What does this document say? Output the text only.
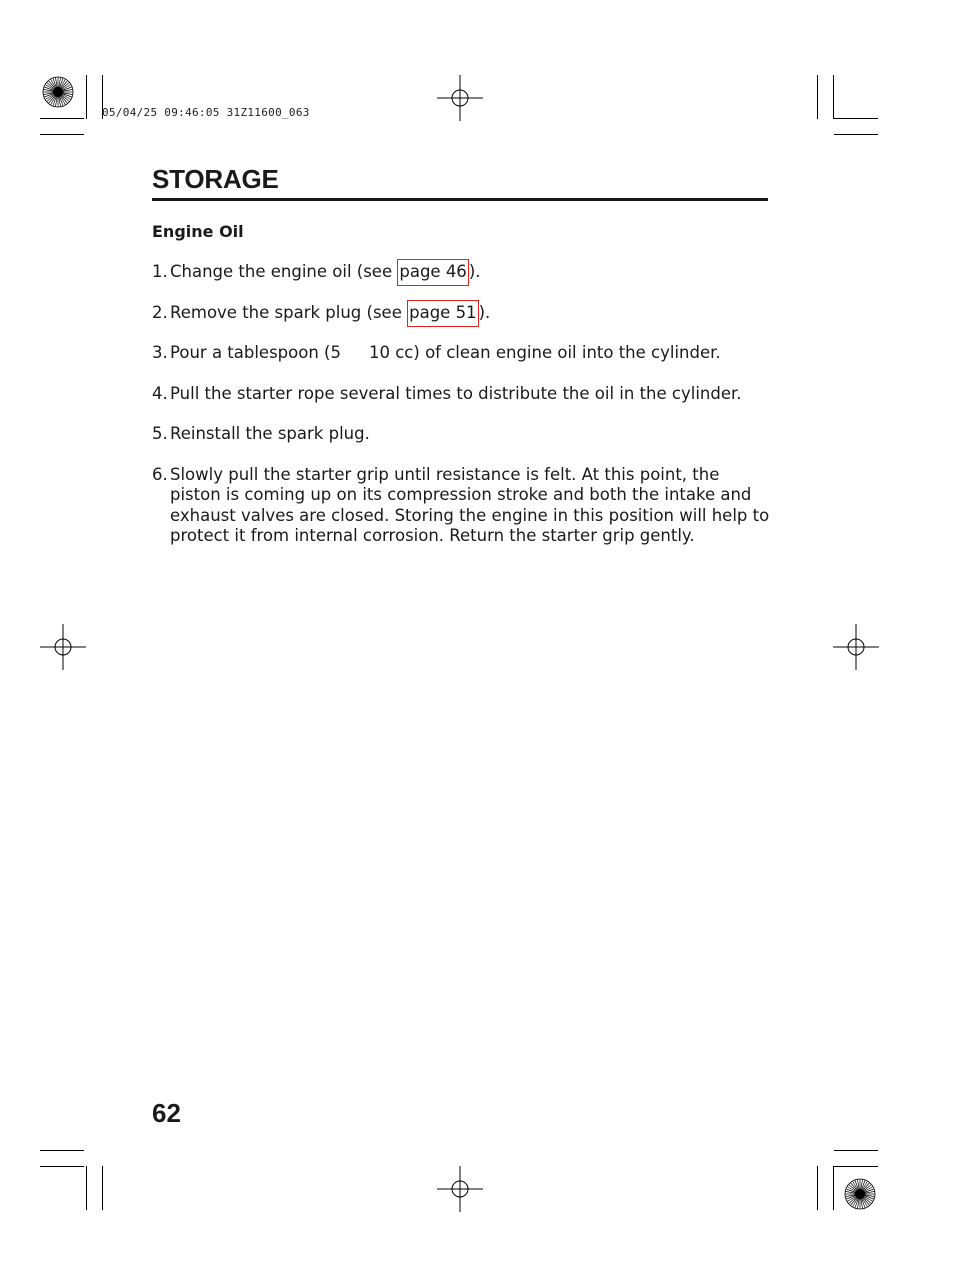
05/04/25 09:46:05 31Z11600_063
STORAGE
Engine Oil
1. Change the engine oil (see page 46 ).
2. Remove the spark plug (see page 51 ).
3. Pour a tablespoon (5 10 cc) of clean engine oil into the cylinder.
4. Pull the starter rope several times to distribute the oil in the cylinder.
5. Reinstall the spark plug.
6. Slowly pull the starter grip until resistance is felt. At this point, the piston is coming up on its compression stroke and both the intake and exhaust valves are closed. Storing the engine in this position will help to protect it from internal corrosion. Return the starter grip gently.
62
